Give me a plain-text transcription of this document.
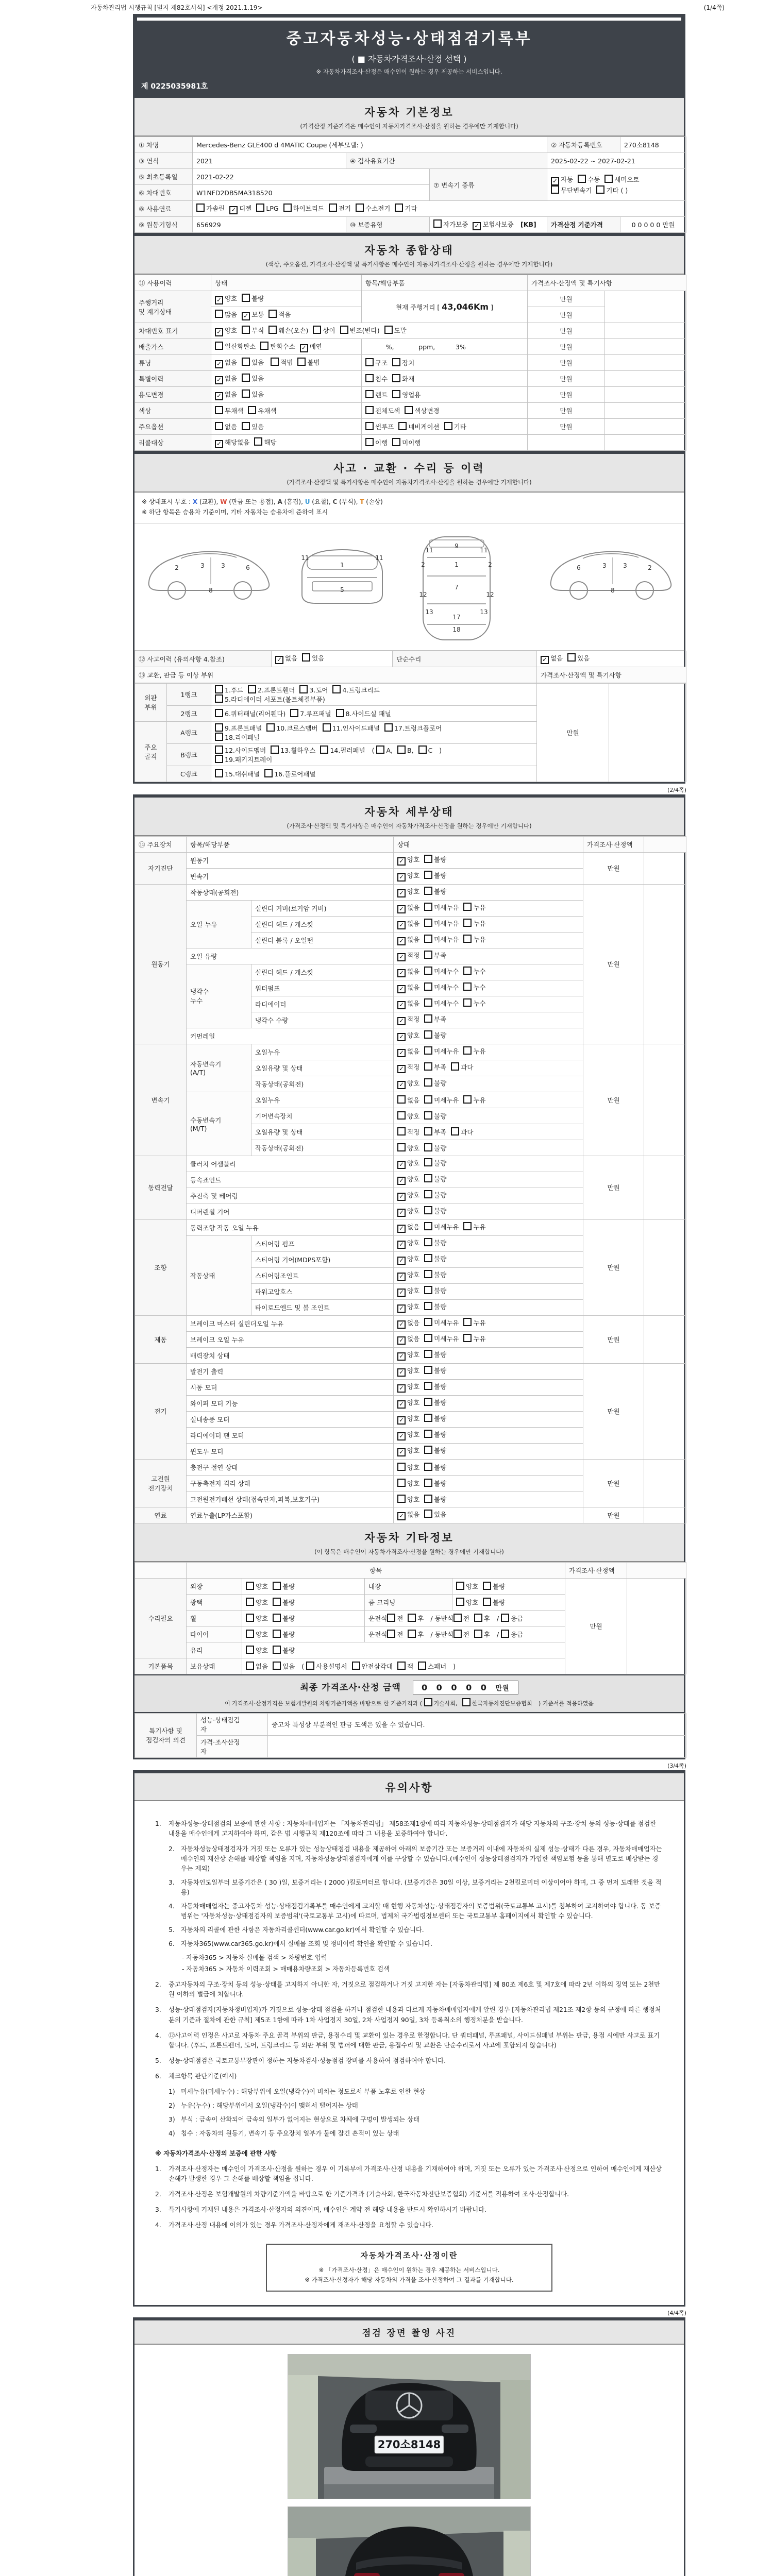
자동차관리법 시행규칙 [별지 제82호서식] <개정 2021.1.19>	(1/4쪽)
중고자동차성능·상태점검기록부
( ■ 자동차가격조사·산정 선택 )
※ 자동차가격조사·산정은 매수인이 원하는 경우 제공하는 서비스입니다.
제 0225035981호
자동차 기본정보
(가격산정 기준가격은 매수인이 자동차가격조사·산정을 원하는 경우에만 기재합니다)
① 차명	Mercedes-Benz GLE400 d 4MATIC Coupe (세부모델: )			② 자동차등록번호	270소8148
③ 연식	2021	④ 검사유효기간		2025-02-22 ~ 2027-02-21	
⑤ 최초등록일	2021-02-22		⑦ 변속기 종류	✓자동 수동 세미오토
무단변속기 기타 ( )
⑥ 차대번호	W1NFD2DB5MA318520				
⑧ 사용연료	가솔린 ✓ 디젤 LPG 하이브리드 전기 수소전기 기타
⑨ 원동기형식	656929	⑩ 보증유형	자가보증 ✓ 보험사보증 [KB]	가격산정 기준가격	0 0 0 0 0 만원
자동차 종합상태
(색상, 주요옵션, 가격조사·산정액 및 특기사항은 매수인이 자동차가격조사·산정을 원하는 경우에만 기재합니다)
⑪ 사용이력	상태	항목/해당부품	가격조사·산정액 및 특기사항	
주행거리
및 계기상태	✓양호 불량	현재 주행거리 [ 43,046Km ]	만원	
	많음 ✓ 보통 적음		만원	
차대번호 표기	✓양호 부식 훼손(오손) 상이 변조(변타) 도말		만원	
배출가스	일산화탄소 탄화수소 ✓ 매연	%,            ppm,          3%	만원	
튜닝	✓없음 있음 적법 불법	구조 장치	만원	
특별이력	✓없음 있음	침수 화재	만원	
용도변경	✓없음 있음	렌트 영업용	만원	
색상	무채색 유채색	전체도색 색상변경	만원	
주요옵션	없음 있음	썬루프 네비게이션 기타	만원	
리콜대상	✓해당없음 해당	이행 미이행		
사고 · 교환 · 수리 등 이력
(가격조사·산정액 및 특기사항은 매수인이 자동차가격조사·산정을 원하는 경우에만 기재합니다)
※ 상태표시 부호 : X (교환), W (판금 또는 용접), A (흠집), U (요철), C (부식), T (손상)
※ 하단 항목은 승용차 기준이며, 기타 자동차는 승용차에 준하여 표시
2	3	3	6
8
1
5
11	11
9
11	11
2	2
1
7
12	12
13	13
17
18
6	3	3	2
8
⑫ 사고이력 (유의사항 4.참조)	✓없음 있음	단순수리	✓없음 있음
⑬ 교환, 판금 등 이상 부위			가격조사·산정액 및 특기사항
외판
부위	1랭크	1.후드 2.프론트휀더 3.도어 4.트렁크리드
5.라디에이터 서포트(볼트체결부품)	만원	
	2랭크	6.쿼터패널(리어휀다) 7.루프패널 8.사이드실 패널		
주요
골격	A랭크	9.프론트패널 10.크로스멤버 11.인사이드패널 17.트렁크플로어
18.리어패널		
	B랭크	12.사이드멤버 13.휠하우스 14.필러패널 ( A, B, C )
19.패키지트레이		
	C랭크	15.대쉬패널 16.플로어패널		
(2/4쪽)
자동차 세부상태
(가격조사·산정액 및 특기사항은 매수인이 자동차가격조사·산정을 원하는 경우에만 기재합니다)
⑭ 주요장치	항목/해당부품		상태	가격조사·산정액	
자기진단	원동기	✓양호 불량	만원	
	변속기	✓양호 불량
원동기	작동상태(공회전)	✓양호 불량	만원	
	오일 누유	실린더 커버(로커암 커버)	✓없음 미세누유 누유
		실린더 헤드 / 개스킷	✓없음 미세누유 누유
		실린더 블록 / 오일팬	✓없음 미세누유 누유
	오일 유량	✓적정 부족
	냉각수
누수	실린더 헤드 / 개스킷	✓없음 미세누수 누수
		워터펌프	✓없음 미세누수 누수
		라디에이터	✓없음 미세누수 누수
		냉각수 수량	✓적정 부족
	커먼레일	✓양호 불량
변속기	자동변속기
(A/T)	오일누유	✓없음 미세누유 누유	만원	
		오일유량 및 상태	✓적정 부족 과다
		작동상태(공회전)	✓양호 불량
	수동변속기
(M/T)	오일누유	없음 미세누유 누유		
		기어변속장치	양호 불량		
		오일유량 및 상태	적정 부족 과다		
		작동상태(공회전)	양호 불량		
동력전달	클러치 어셈블리	✓양호 불량	만원	
	등속죠인트	✓양호 불량
	추진축 및 베어링	✓양호 불량
	디퍼렌셜 기어	✓양호 불량
조향	동력조향 작동 오일 누유	✓없음 미세누유 누유	만원	
	작동상태	스티어링 펌프	✓양호 불량
		스티어링 기어(MDPS포함)	✓양호 불량
		스티어링조인트	✓양호 불량
		파워고압호스	✓양호 불량
		타이로드엔드 및 볼 조인트	✓양호 불량
제동	브레이크 마스터 실린더오일 누유	✓없음 미세누유 누유	만원	
	브레이크 오일 누유	✓없음 미세누유 누유
	배력장치 상태	✓양호 불량
전기	발전기 출력	✓양호 불량	만원	
	시동 모터	✓양호 불량
	와이퍼 모터 기능	✓양호 불량
	실내송풍 모터	✓양호 불량
	라디에이터 팬 모터	✓양호 불량
	윈도우 모터	✓양호 불량
고전원
전기장치	충전구 절연 상태		양호 불량	만원	
	구동축전지 격리 상태		양호 불량		
	고전원전기배선 상태(접속단자,피복,보호기구)		양호 불량		
연료	연료누출(LP가스포함)	✓없음 있음	만원	
자동차 기타정보
(이 항목은 매수인이 자동차가격조사·산정을 원하는 경우에만 기재합니다)
	항목				가격조사·산정액	
수리필요	외장	양호 불량	내장	양호 불량	만원	
	광택	양호 불량	룸 크리닝	양호 불량		
	휠	양호 불량	운전석 전 후 / 동반석 전 후 / 응급			
	타이어	양호 불량	운전석 전 후 / 동반석 전 후 / 응급			
	유리	양호 불량				
기본품목	보유상태	없음 있음 ( 사용설명서 안전삼각대 잭 스패너 )				
최종 가격조사·산정 금액	0 0 0 0 0 만원
이 가격조사·산정가격은 보험개발원의 차량기준가액을 바탕으로 한 기준가격과 ( 기술사회,	한국자동차진단보증협회 ) 기준서를 적용하였음
특기사항 및
점검자의 의견	성능·상태점검
자	중고차 특성상 부분적인 판금 도색은 있을 수 있습니다.
	가격·조사산정
자	
(3/4쪽)
유의사항
1.	자동차성능·상태점검의 보증에 관한 사항 : 자동차매매업자는 「자동차관리법」 제58조제1항에 따라 자동차성능·상태점검자가 해당 자동차의 구조·장치 등의 성능·상태를 점검한 내용을 매수인에게 고지하여야 하며, 같은 법 시행규칙 제120조에 따라 그 내용을 보증하여야 합니다.
2. 자동차성능상태점검자가 거짓 또는 오류가 있는 성능상태점검 내용을 제공하여 아래의 보증기간 또는 보증거리 이내에 자동차의 실제 성능·상태가 다른 경우, 자동차매매업자는 매수인의 재산상 손해를 배상할 책임을 지며, 자동차성능상태점검자에게 이를 구상할 수 있습니다.(매수인이 성능상태점검자가 가입한 책임보험 등을 통해 별도로 배상받는 경우는 제외)
3. 자동차인도일부터 보증기간은 ( 30 )일, 보증거리는 ( 2000 )킬로미터로 합니다. (보증기간은 30일 이상, 보증거리는 2천킬로미터 이상이어야 하며, 그 중 먼저 도래한 것을 적용)
4. 자동차매매업자는 중고자동차 성능·상태점검기록부를 매수인에게 고지할 때 현행 자동차성능·상태점검자의 보증범위(국토교통부 고시)를 첨부하여 고지하여야 합니다. 동 보증범위는 '자동차성능·상태점검자의 보증범위'(국토교통부 고시)에 따르며, 법제처 국가법령정보센터 또는 국토교통부 홈페이지에서 확인할 수 있습니다.
5. 자동차의 리콜에 관한 사항은 자동차리콜센터(www.car.go.kr)에서 확인할 수 있습니다.
6. 자동차365(www.car365.go.kr)에서 실매물 조회 및 정비이력 확인을 확인할 수 있습니다.
- 자동차365 > 자동차 실매물 검색 > 차량번호 입력
- 자동차365 > 자동차 이력조회 > 매매용차량조회 > 자동차등록번호 검색
2.	중고자동차의 구조·장치 등의 성능·상태를 고지하지 아니한 자, 거짓으로 점검하거나 거짓 고지한 자는 [자동차관리법] 제 80조 제6호 및 제7호에 따라 2년 이하의 징역 또는 2천만원 이하의 벌금에 처합니다.
3.	성능·상태점검자(자동차정비업자)가 거짓으로 성능·상태 점검을 하거나 점검한 내용과 다르게 자동차매매업자에게 알린 경우 [자동차관리법 제21조 제2항 등의 규정에 따른 행정처분의 기준과 절차에 관한 규칙] 제5조 1항에 따라 1차 사업정지 30일, 2차 사업정지 90일, 3차 등록취소의 행정처분을 받습니다.
4.	⑫사고이력 인정은 사고로 자동차 주요 골격 부위의 판금, 용접수리 및 교환이 있는 경우로 한정합니다. 단 쿼터패널, 루프패널, 사이드실패널 부위는 판금, 용접 시에만 사고로 표기합니다. (후드, 프론트펜더, 도어, 트렁크리드 등 외판 부위 및 범퍼에 대한 판금, 용접수리 및 교환은 단순수리로서 사고에 포함되지 않습니다)
5.	성능·상태점검은 국토교통부장관이 정하는 자동차검사·성능점검 장비를 사용하여 점검하여야 합니다.
6.	체크항목 판단기준(예시)
1) 미세누유(미세누수) : 해당부위에 오일(냉각수)이 비치는 정도로서 부품 노후로 인한 현상
2) 누유(누수) : 해당부위에서 오일(냉각수)이 맺혀서 떨어지는 상태
3) 부식 : 금속이 산화되어 금속의 일부가 없어지는 현상으로 차체에 구멍이 발생되는 상태
4) 침수 : 자동차의 원동기, 변속기 등 주요장치 일부가 물에 잠긴 흔적이 있는 상태
※ 자동차가격조사·산정의 보증에 관한 사항
1.	가격조사·산정자는 매수인이 가격조사·산정을 원하는 경우 이 기록부에 가격조사·산정 내용을 기재하여야 하며, 거짓 또는 오류가 있는 가격조사·산정으로 인하여 매수인에게 재산상 손해가 발생한 경우 그 손해를 배상할 책임을 집니다.
2.	가격조사·산정은 보험개발원의 차량기준가액을 바탕으로 한 기준가격과 (기술사회, 한국자동차진단보증협회) 기준서를 적용하여 조사·산정합니다.
3.	특기사항에 기재된 내용은 가격조사·산정자의 의견이며, 매수인은 계약 전 해당 내용을 반드시 확인하시기 바랍니다.
4.	가격조사·산정 내용에 이의가 있는 경우 가격조사·산정자에게 재조사·산정을 요청할 수 있습니다.
자동차가격조사·산정이란
※ 「가격조사·산정」은 매수인이 원하는 경우 제공하는 서비스입니다.
※ 가격조사·산정자가 해당 자동차의 가격을 조사·산정하여 그 결과를 기재합니다.
(4/4쪽)
점검 장면 촬영 사진
270소8148
